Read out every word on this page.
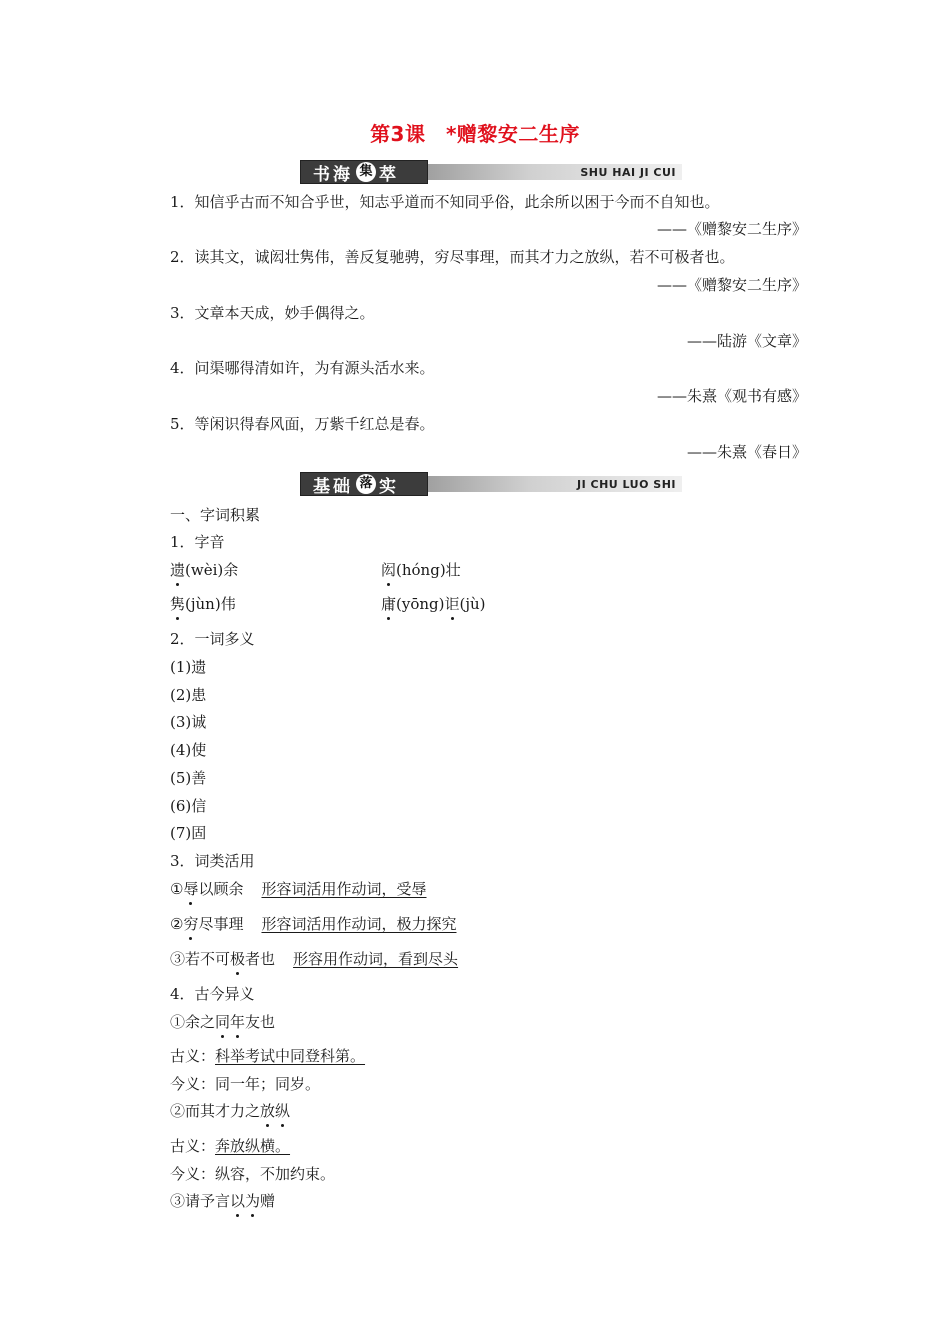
第3课　*赠黎安二生序
书 海 集 萃	SHU HAI JI CUI
1．知信乎古而不知合乎世，知志乎道而不知同乎俗，此余所以困于今而不自知也。
——《赠黎安二生序》
2．读其文，诚闳壮隽伟，善反复驰骋，穷尽事理，而其才力之放纵，若不可极者也。
——《赠黎安二生序》
3．文章本天成，妙手偶得之。
——陆游《文章》
4．问渠哪得清如许，为有源头活水来。
——朱熹《观书有感》
5．等闲识得春风面，万紫千红总是春。
——朱熹《春日》
基 础 落 实	JI CHU LUO SHI
一、字词积累
1．字音
遗(wèi)余	闳(hóng)壮
隽(jùn)伟	庸(yōng)讵(jù)
2．一词多义
(1)遗
(2)患
(3)诚
(4)使
(5)善
(6)信
(7)固
3．词类活用
①辱以顾余 形容词活用作动词，受辱
②穷尽事理 形容词活用作动词，极力探究
③若不可极者也 形容用作动词，看到尽头
4．古今异义
①余之同年友也
古义：科举考试中同登科第。
今义：同一年；同岁。
②而其才力之放纵
古义：奔放纵横。
今义：纵容，不加约束。
③请予言以为赠
